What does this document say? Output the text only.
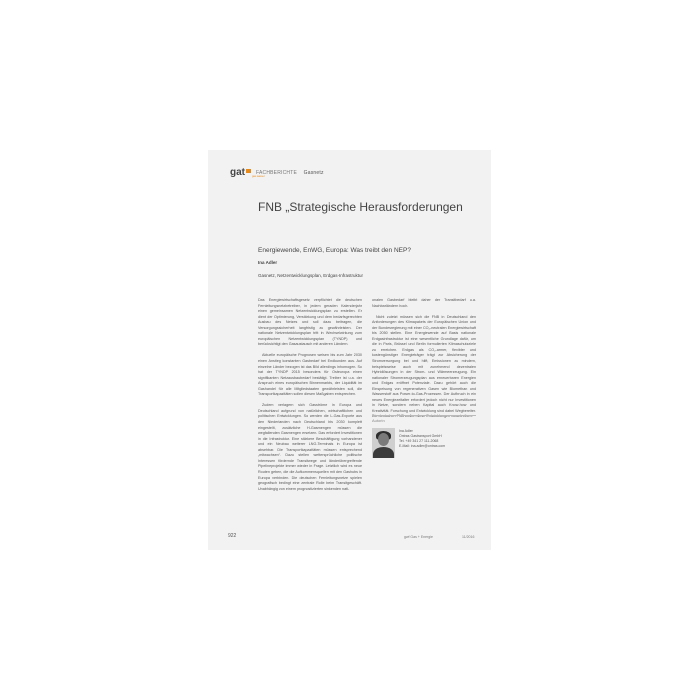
gat	gas·wasser
FACHBERICHTE Gasnetz
FNB „Strategische Herausforderungen
Energiewende, EnWG, Europa: Was treibt den NEP?
Ina Adler
Gasnetz, Netzentwicklungsplan, Erdgas-Infrastruktur

Das Energiewirtschaftsgesetz verpflichtet die deutschen Fernleitungsnetzbetreiber, in jedem geraden Kalenderjahr einen gemeinsamen Netzentwicklungsplan zu erstellen. Er dient der Optimierung, Verstärkung und dem bedarfsgerechten Ausbau des Netzes und soll dazu beitragen, die Versorgungssicherheit langfristig zu gewährleisten. Der nationale Netzentwicklungsplan tritt in Wechselwirkung zum europäischen Netzentwicklungsplan (TYNDP) und berücksichtigt den Gasaustausch mit anderen Ländern.

Aktuelle europäische Prognosen weisen bis zum Jahr 2030 einen Anstieg konstanten Gasbedarf bei Endkunden aus. Auf einzelne Länder bezogen ist das Bild allerdings inhomogen. So hat der TYNDP 2015 besonders für Osteuropa einen signifikanten Netzausbaubedarf bestätigt. Treiber ist u.a. der Anspruch eines europäischen Binnenmarkts, der Liquidität im Gashandel für alle Mitgliedstaaten gewährleisten soll, die Transportkapazitäten sollen diesen Maßgaben entsprechen.

Zudem verlagern sich Gasströme in Europa und Deutschland aufgrund von natürlichen, wirtschaftlichen und politischen Entwicklungen. So werden die L-Gas-Exporte aus den Niederlanden nach Deutschland bis 2030 komplett eingestellt, zusätzliche H-Gasmengen müssen die wegfallenden Gasmengen ersetzen. Das erfordert Investitionen in die Infrastruktur. Eine stärkere Beschäftigung vorhandener und ein Neubau weiterer LNG-Terminals in Europa ist absehbar. Die Transportkapazitäten müssen entsprechend „mitwachsen“. Dazu stellen wettersprüchliche politische Interessen fördernde Transitwege und länderübergreifende Pipelineprojekte immer wieder in Frage. Letztlich wird es neue Routen geben, die die Aufkommensquellen mit den Gashubs in Europa verbinden. Die deutschen Fernleitungsnetze spielen geografisch bedingt eine zentrale Rolle beim Transitgeschäft. Unabhängig von einem prognostizierten sinkenden nati-

onalen Gasbedarf bleibt daher der Transitbedarf u.a. Nachbarländern hoch.

Nicht zuletzt müssen sich die FNB in Deutschland den Anforderungen des Klimapakets der Europäischen Union und der Bundesregierung mit einer CO₂-neutralen Energiewirtschaft bis 2050 stellen. Eine Energiewende auf Basis nationale Erdgasinfrastruktur ist eine wesentliche Grundlage dafür, um die in Paris, Brüssel und Berlin formulierten Klimaschutzziele zu erreichen. Erdgas als CO₂-armer, flexibler und kostengünstiger Energieträger trägt zur Absicherung der Stromversorgung bei und hilft, Emissionen zu mindern, beispielsweise auch mit zunehmend dezentralen Hybridlösungen in der Strom- und Wärmeerzeugung. Ein nationaler Stromerzeugungsplan aus erneuerbaren Energien und Erdgas eröffnet Potenziale. Dazu gehört auch die Einspeisung von regenerativen Gasen wie Biomethan und Wasserstoff aus Power-to-Gas-Prozessen. Der Aufbruch in ein neues Energiezeitalter erfordert jedoch nicht nur Investitionen in Netze, sondern neben Kapital auch Know-how und Kreativität. Forschung und Entwicklung sind dabei Wegbereiter. Die deutschen FNB wollen diese Entwicklungen vorantreiben.

Autorin
Ina Adler
Ontras Gastransport GmbH
Tel. +49 341 27 111-2068
E-Mail: ina.adler@ontras.com
922	gwf Gas + Energie	11/2016
